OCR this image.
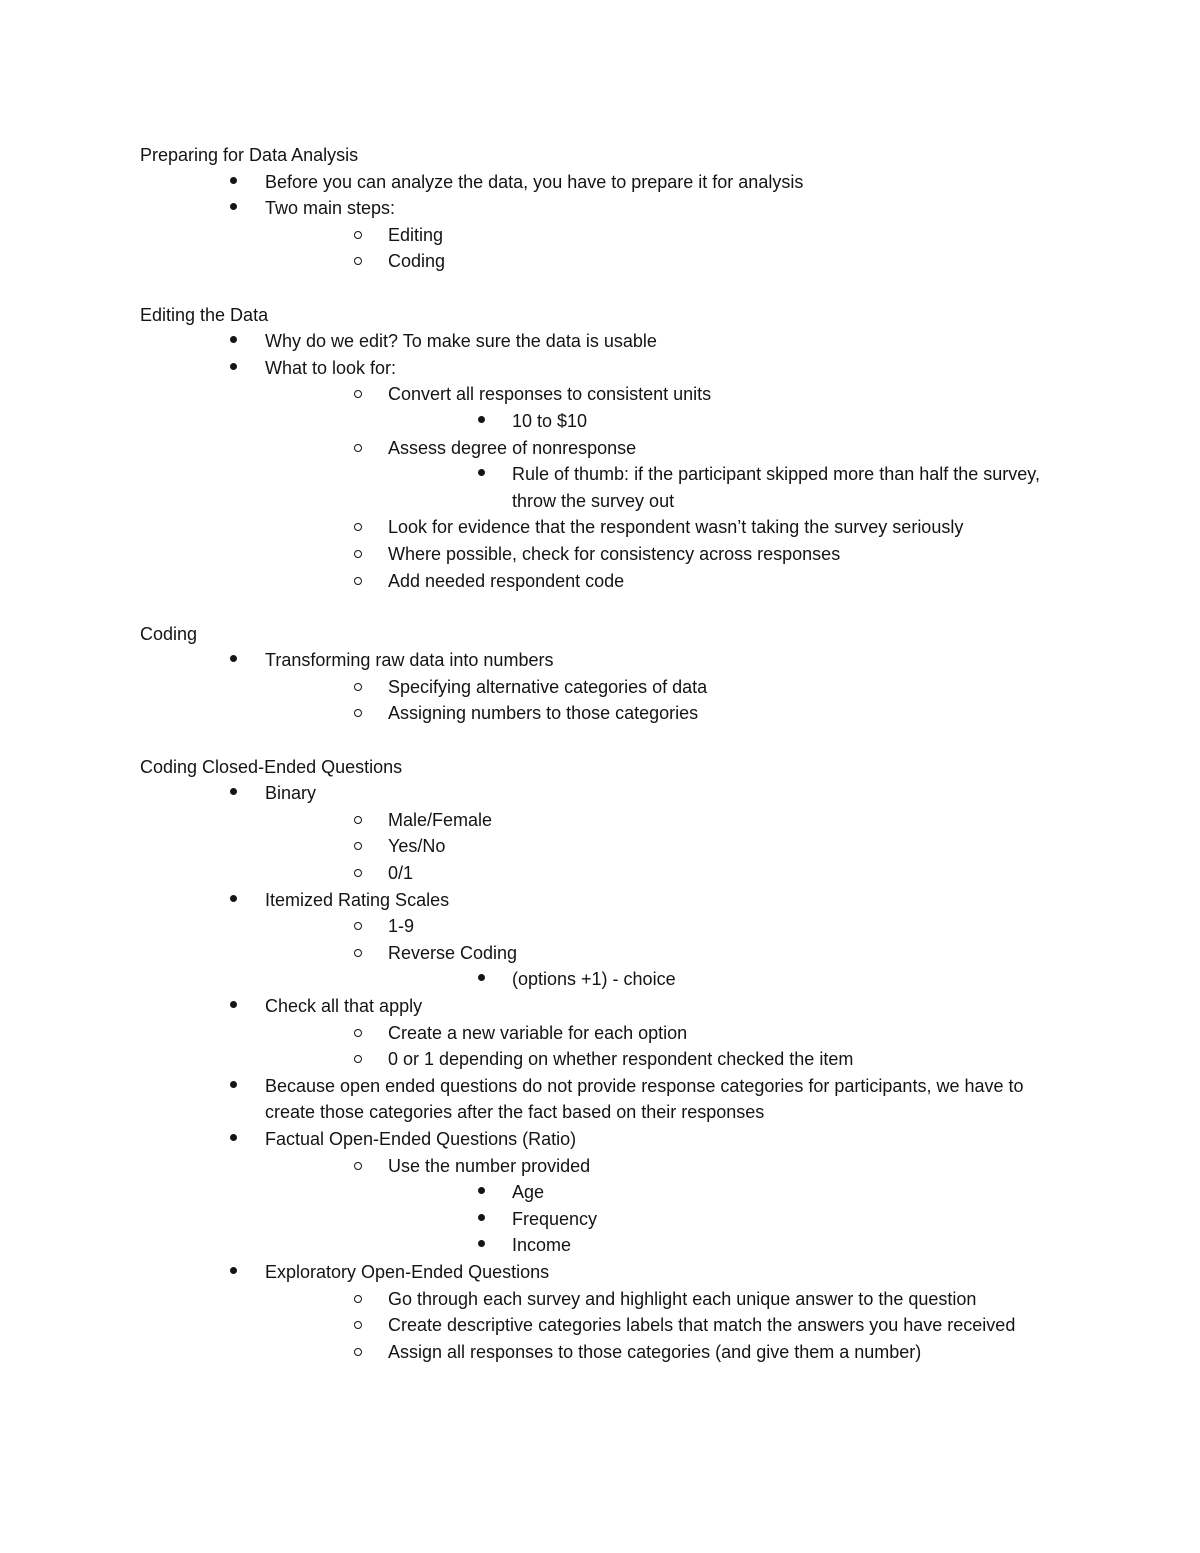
Preparing for Data Analysis
Before you can analyze the data, you have to prepare it for analysis
Two main steps:
Editing
Coding
Editing the Data
Why do we edit? To make sure the data is usable
What to look for:
Convert all responses to consistent units
10 to $10
Assess degree of nonresponse
Rule of thumb: if the participant skipped more than half the survey, throw the survey out
Look for evidence that the respondent wasn’t taking the survey seriously
Where possible, check for consistency across responses
Add needed respondent code
Coding
Transforming raw data into numbers
Specifying alternative categories of data
Assigning numbers to those categories
Coding Closed-Ended Questions
Binary
Male/Female
Yes/No
0/1
Itemized Rating Scales
1-9
Reverse Coding
(options +1) - choice
Check all that apply
Create a new variable for each option
0 or 1 depending on whether respondent checked the item
Because open ended questions do not provide response categories for participants, we have to create those categories after the fact based on their responses
Factual Open-Ended Questions (Ratio)
Use the number provided
Age
Frequency
Income
Exploratory Open-Ended Questions
Go through each survey and highlight each unique answer to the question
Create descriptive categories labels that match the answers you have received
Assign all responses to those categories (and give them a number)
